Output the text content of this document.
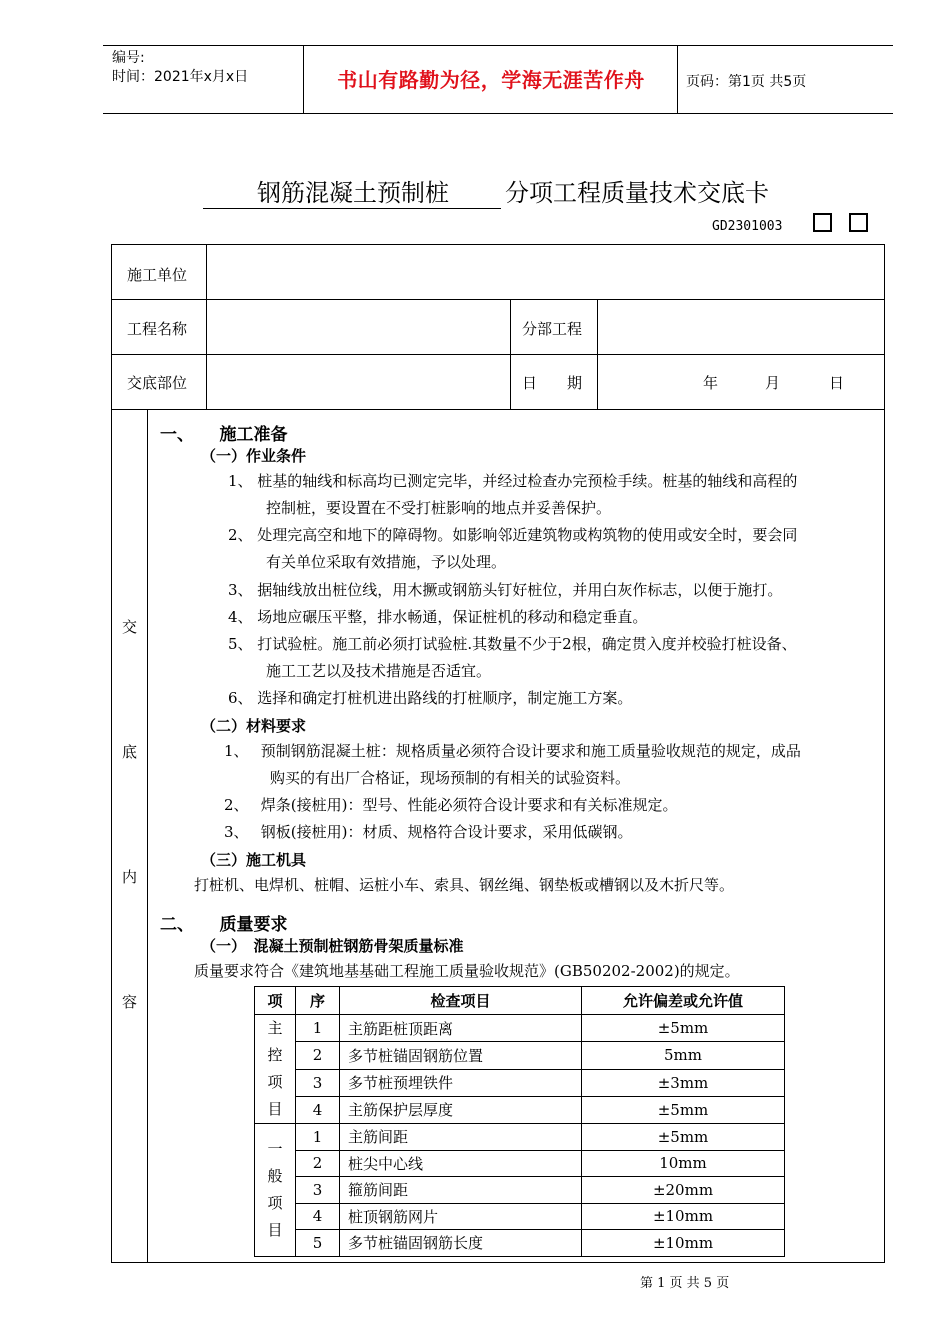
编号:
时间：2021年x月x日	书山有路勤为径，学海无涯苦作舟	页码：第1页 共5页
钢筋混凝土预制桩 分项工程质量技术交底卡
GD2301003
施工单位
工程名称	分部工程
交底部位	日　　期	年	月	日
交
底
内
容
一、　　施工准备
（一）作业条件
1、 桩基的轴线和标高均已测定完毕，并经过检查办完预检手续。桩基的轴线和高程的
控制桩，要设置在不受打桩影响的地点并妥善保护。
2、 处理完高空和地下的障碍物。如影响邻近建筑物或构筑物的使用或安全时，要会同
有关单位采取有效措施，予以处理。
3、 据轴线放出桩位线，用木撅或钢筋头钉好桩位，并用白灰作标志，以便于施打。
4、 场地应碾压平整，排水畅通，保证桩机的移动和稳定垂直。
5、 打试验桩。施工前必须打试验桩.其数量不少于2根，确定贯入度并校验打桩设备、
施工工艺以及技术措施是否适宜。
6、 选择和确定打桩机进出路线的打桩顺序，制定施工方案。
（二）材料要求
1、　 预制钢筋混凝土桩：规格质量必须符合设计要求和施工质量验收规范的规定，成品
购买的有出厂合格证，现场预制的有相关的试验资料。
2、　 焊条(接桩用)：型号、性能必须符合设计要求和有关标准规定。
3、　 钢板(接桩用)：材质、规格符合设计要求，采用低碳钢。
（三）施工机具
打桩机、电焊机、桩帽、运桩小车、索具、钢丝绳、钢垫板或槽钢以及木折尺等。
二、　　质量要求
（一）　混凝土预制桩钢筋骨架质量标准
质量要求符合《建筑地基基础工程施工质量验收规范》(GB50202-2002)的规定。
项	序	检查项目	允许偏差或允许值

主控项目	1	主筋距桩顶距离	±5mm
	2	多节桩锚固钢筋位置	5mm
	3	多节桩预埋铁件	±3mm
	4	主筋保护层厚度	±5mm

一般项目	1	主筋间距	±5mm
	2	桩尖中心线	10mm
	3	箍筋间距	±20mm
	4	桩顶钢筋网片	±10mm
	5	多节桩锚固钢筋长度	±10mm
第 1 页 共 5 页
